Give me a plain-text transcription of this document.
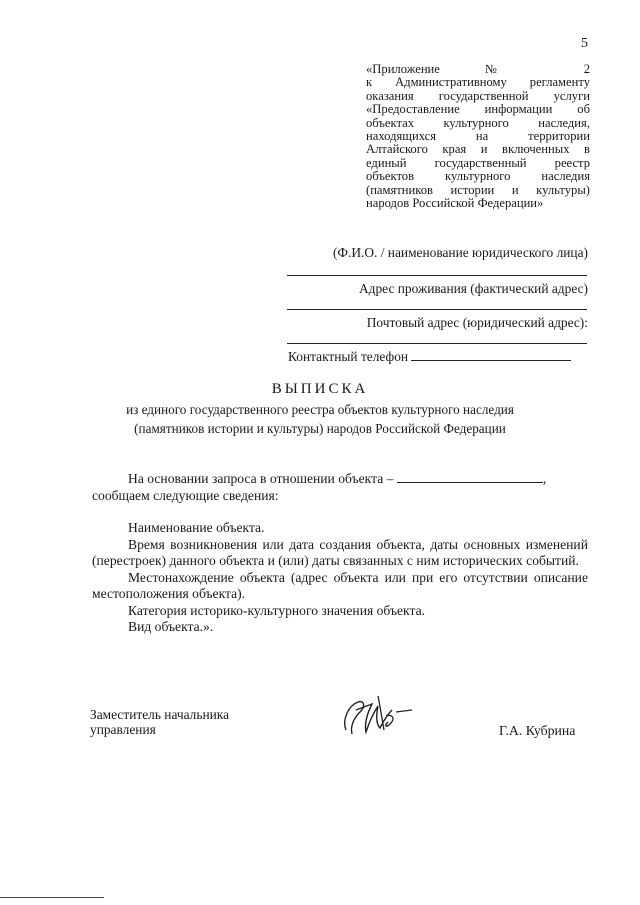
5
«Приложение № 2
к Административному регламенту
оказания государственной услуги
«Предоставление информации об
объектах культурного наследия,
находящихся на территории
Алтайского края и включенных в
единый государственный реестр
объектов культурного наследия
(памятников истории и культуры)
народов Российской Федерации»
(Ф.И.О. / наименование юридического лица)
Адрес проживания (фактический адрес)
Почтовый адрес (юридический адрес):
Контактный телефон
ВЫПИСКА
из единого государственного реестра объектов культурного наследия
(памятников истории и культуры) народов Российской Федерации
На основании запроса в отношении объекта –	,
сообщаем следующие сведения:
Наименование объекта.
Время возникновения или дата создания объекта, даты основных изменений (перестроек) данного объекта и (или) даты связанных с ним исторических событий.
Местонахождение объекта (адрес объекта или при его отсутствии описание местоположения объекта).
Категория историко-культурного значения объекта.
Вид объекта.».
Заместитель начальника
управления	Г.А. Кубрина
